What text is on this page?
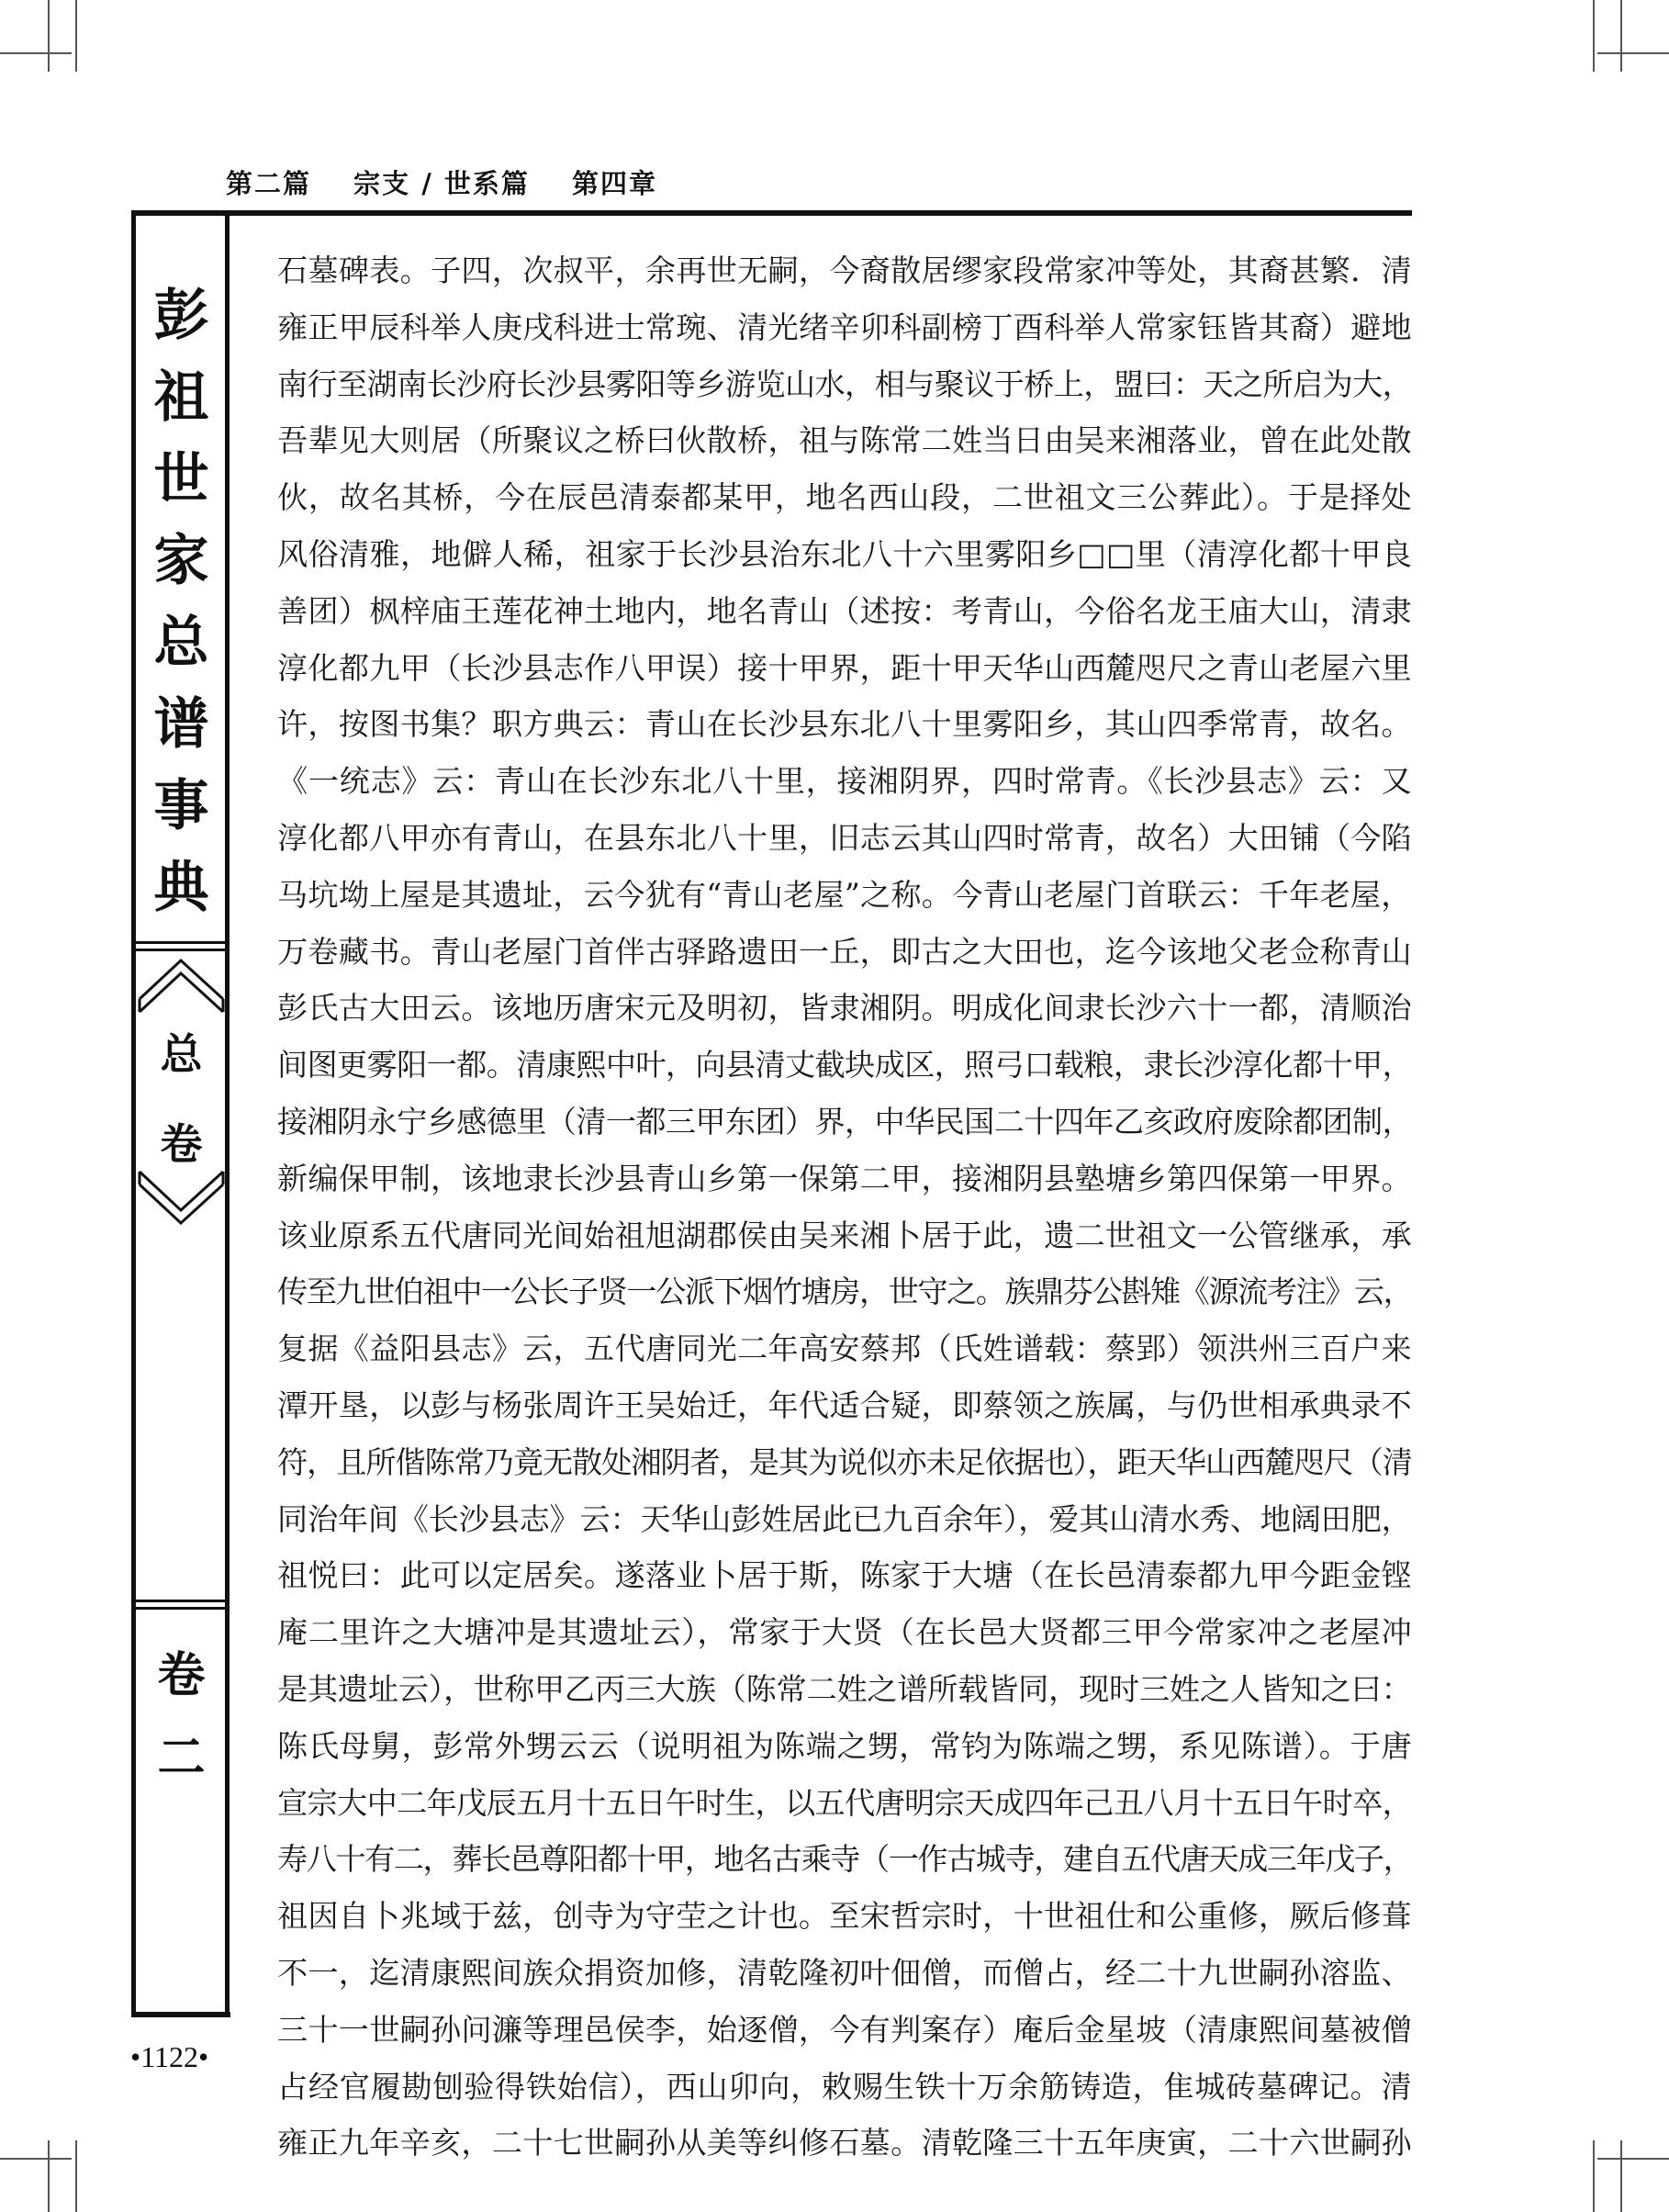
第二篇 宗支 / 世系篇 第四章
彭
祖
世
家
总
谱
事
典
总
卷
卷
二
石墓碑表。子四，次叔平，余再世无嗣，今裔散居缪家段常家冲等处，其裔甚繁．清
雍正甲辰科举人庚戌科进士常琬、清光绪辛卯科副榜丁酉科举人常家钰皆其裔）避地
南行至湖南长沙府长沙县雾阳等乡游览山水，相与聚议于桥上，盟曰：天之所启为大，
吾辈见大则居（所聚议之桥曰伙散桥，祖与陈常二姓当日由吴来湘落业，曾在此处散
伙，故名其桥，今在辰邑清泰都某甲，地名西山段，二世祖文三公葬此）。于是择处
风俗清雅，地僻人稀，祖家于长沙县治东北八十六里雾阳乡□□里（清淳化都十甲良
善团）枫梓庙王莲花神土地内，地名青山（述按：考青山，今俗名龙王庙大山，清隶
淳化都九甲（长沙县志作八甲误）接十甲界，距十甲天华山西麓咫尺之青山老屋六里
许，按图书集？职方典云：青山在长沙县东北八十里雾阳乡，其山四季常青，故名。
《一统志》云：青山在长沙东北八十里，接湘阴界，四时常青。《长沙县志》云：又
淳化都八甲亦有青山，在县东北八十里，旧志云其山四时常青，故名）大田铺（今陷
马坑坳上屋是其遗址，云今犹有“青山老屋”之称。今青山老屋门首联云：千年老屋，
万卷藏书。青山老屋门首伴古驿路遗田一丘，即古之大田也，迄今该地父老佥称青山
彭氏古大田云。该地历唐宋元及明初，皆隶湘阴。明成化间隶长沙六十一都，清顺治
间图更雾阳一都。清康熙中叶，向县清丈截块成区，照弓口载粮，隶长沙淳化都十甲，
接湘阴永宁乡感德里（清一都三甲东团）界，中华民国二十四年乙亥政府废除都团制，
新编保甲制，该地隶长沙县青山乡第一保第二甲，接湘阴县塾塘乡第四保第一甲界。
该业原系五代唐同光间始祖旭湖郡侯由吴来湘卜居于此，遗二世祖文一公管继承，承
传至九世伯祖中一公长子贤一公派下烟竹塘房，世守之。族鼎芬公斟雉《源流考注》云，
复据《益阳县志》云，五代唐同光二年高安蔡邦（氏姓谱载：蔡郢）领洪州三百户来
潭开垦，以彭与杨张周许王吴始迁，年代适合疑，即蔡领之族属，与仍世相承典录不
符，且所偕陈常乃竟无散处湘阴者，是其为说似亦未足依据也），距天华山西麓咫尺（清
同治年间《长沙县志》云：天华山彭姓居此已九百余年），爱其山清水秀、地阔田肥，
祖悦曰：此可以定居矣。遂落业卜居于斯，陈家于大塘（在长邑清泰都九甲今距金铿
庵二里许之大塘冲是其遗址云），常家于大贤（在长邑大贤都三甲今常家冲之老屋冲
是其遗址云），世称甲乙丙三大族（陈常二姓之谱所载皆同，现时三姓之人皆知之曰：
陈氏母舅，彭常外甥云云（说明祖为陈端之甥，常钧为陈端之甥，系见陈谱）。于唐
宣宗大中二年戊辰五月十五日午时生，以五代唐明宗天成四年己丑八月十五日午时卒，
寿八十有二，葬长邑尊阳都十甲，地名古乘寺（一作古城寺，建自五代唐天成三年戊子，
祖因自卜兆域于兹，创寺为守茔之计也。至宋哲宗时，十世祖仕和公重修，厥后修葺
不一，迄清康熙间族众捐资加修，清乾隆初叶佃僧，而僧占，经二十九世嗣孙溶监、
三十一世嗣孙问濂等理邑侯李，始逐僧，今有判案存）庵后金星坡（清康熙间墓被僧
占经官履勘刨验得铁始信），西山卯向，敕赐生铁十万余筋铸造，隹城砖墓碑记。清
雍正九年辛亥，二十七世嗣孙从美等纠修石墓。清乾隆三十五年庚寅，二十六世嗣孙
•1122•
